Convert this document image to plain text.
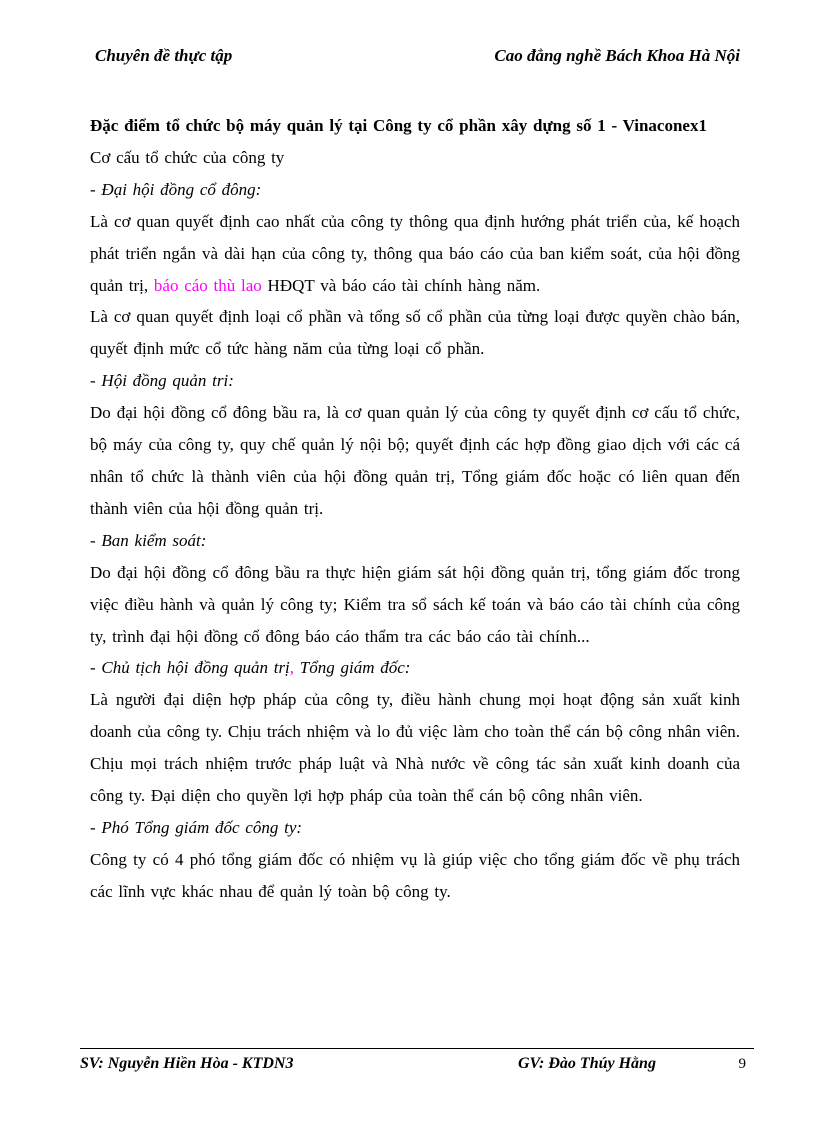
Chuyên đề thực tập	Cao đẳng nghề Bách Khoa Hà Nội

Đặc điểm tổ chức bộ máy quản lý tại Công ty cổ phần xây dựng số 1 - Vinaconex1

Cơ cấu tổ chức của công ty

- Đại hội đồng cổ đông:

Là cơ quan quyết định cao nhất của công ty thông qua định hướng phát triển của, kế hoạch phát triển ngắn và dài hạn của công ty, thông qua báo cáo của ban kiểm soát, của hội đồng quản trị, báo cáo thù lao HĐQT và báo cáo tài chính hàng năm.

Là cơ quan quyết định loại cổ phần và tổng số cổ phần của từng loại được quyền chào bán, quyết định mức cổ tức hàng năm của từng loại cổ phần.

- Hội đồng quản tri:

Do đại hội đồng cổ đông bầu ra, là cơ quan quản lý của công ty quyết định cơ cấu tổ chức, bộ máy của công ty, quy chế quản lý nội bộ; quyết định các hợp đồng giao dịch với các cá nhân tổ chức là thành viên của hội đồng quản trị, Tổng giám đốc hoặc có liên quan đến thành viên của hội đồng quản trị.

- Ban kiểm soát:

Do đại hội đồng cổ đông bầu ra thực hiện giám sát hội đồng quản trị, tổng giám đốc trong việc điều hành và quản lý công ty; Kiểm tra sổ sách kế toán và báo cáo tài chính của công ty, trình đại hội đồng cổ đông báo cáo thẩm tra các báo cáo tài chính...

- Chủ tịch hội đồng quản trị, Tổng giám đốc:

Là người đại diện hợp pháp của công ty, điều hành chung mọi hoạt động sản xuất kinh doanh của công ty. Chịu trách nhiệm và lo đủ việc làm cho toàn thể cán bộ công nhân viên. Chịu mọi trách nhiệm trước pháp luật và Nhà nước về công tác sản xuất kinh doanh của công ty. Đại diện cho quyền lợi hợp pháp của toàn thể cán bộ công nhân viên.

- Phó Tổng giám đốc công ty:

Công ty có 4 phó tổng giám đốc có nhiệm vụ là giúp việc cho tổng giám đốc về phụ trách các lĩnh vực khác nhau để quản lý toàn bộ công ty.

SV: Nguyễn Hiền Hòa - KTDN3	GV: Đào Thúy Hằng	9
